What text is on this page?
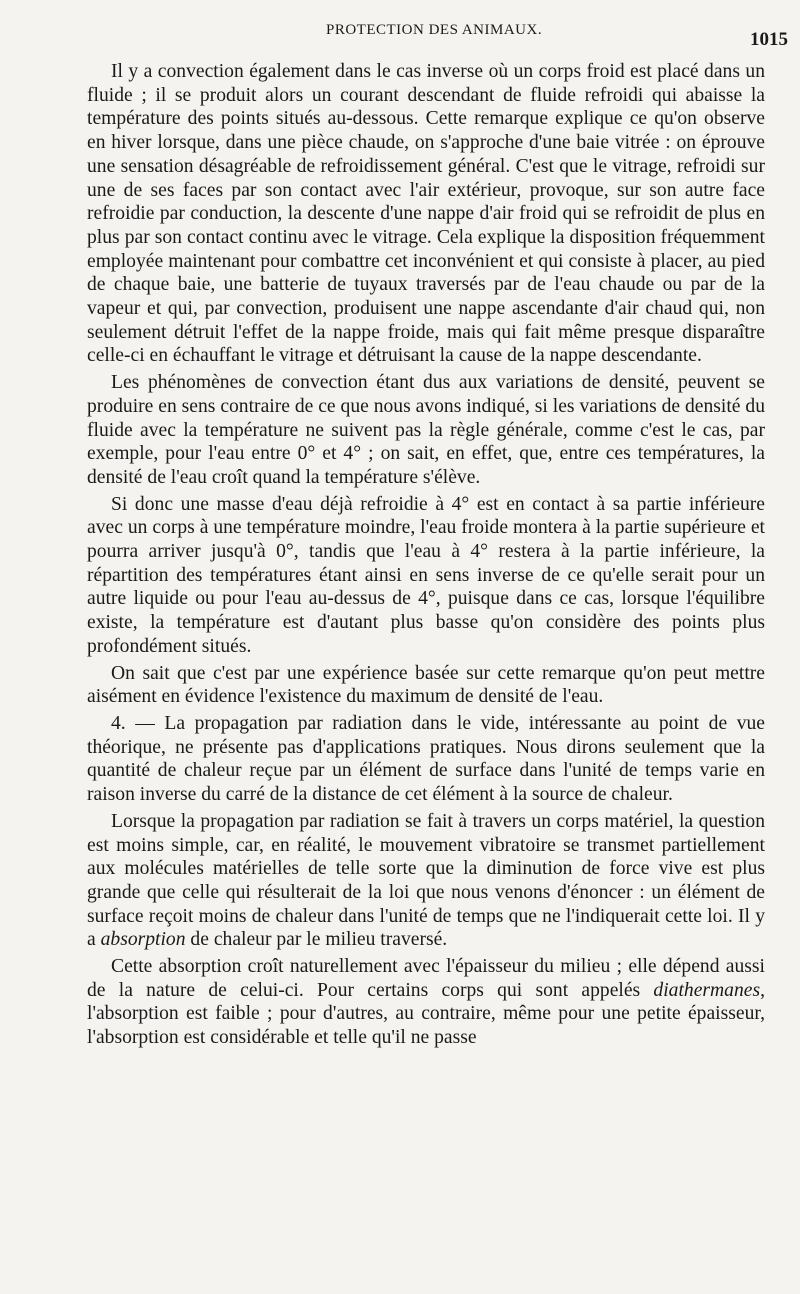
PROTECTION DES ANIMAUX.	1015

Il y a convection également dans le cas inverse où un corps froid est placé dans un fluide ; il se produit alors un courant descendant de fluide refroidi qui abaisse la température des points situés au-dessous. Cette remarque explique ce qu'on observe en hiver lorsque, dans une pièce chaude, on s'approche d'une baie vitrée : on éprouve une sensation désagréable de refroidissement général. C'est que le vitrage, refroidi sur une de ses faces par son contact avec l'air extérieur, provoque, sur son autre face refroidie par conduction, la descente d'une nappe d'air froid qui se refroidit de plus en plus par son contact continu avec le vitrage. Cela explique la disposition fréquemment employée maintenant pour combattre cet inconvénient et qui consiste à placer, au pied de chaque baie, une batterie de tuyaux traversés par de l'eau chaude ou par de la vapeur et qui, par convection, produisent une nappe ascendante d'air chaud qui, non seulement détruit l'effet de la nappe froide, mais qui fait même presque disparaître celle-ci en échauffant le vitrage et détruisant la cause de la nappe descendante.

Les phénomènes de convection étant dus aux variations de densité, peuvent se produire en sens contraire de ce que nous avons indiqué, si les variations de densité du fluide avec la température ne suivent pas la règle générale, comme c'est le cas, par exemple, pour l'eau entre 0° et 4° ; on sait, en effet, que, entre ces températures, la densité de l'eau croît quand la température s'élève.

Si donc une masse d'eau déjà refroidie à 4° est en contact à sa partie inférieure avec un corps à une température moindre, l'eau froide montera à la partie supérieure et pourra arriver jusqu'à 0°, tandis que l'eau à 4° restera à la partie inférieure, la répartition des températures étant ainsi en sens inverse de ce qu'elle serait pour un autre liquide ou pour l'eau au-dessus de 4°, puisque dans ce cas, lorsque l'équilibre existe, la température est d'autant plus basse qu'on considère des points plus profondément situés.

On sait que c'est par une expérience basée sur cette remarque qu'on peut mettre aisément en évidence l'existence du maximum de densité de l'eau.

4. — La propagation par radiation dans le vide, intéressante au point de vue théorique, ne présente pas d'applications pratiques. Nous dirons seulement que la quantité de chaleur reçue par un élément de surface dans l'unité de temps varie en raison inverse du carré de la distance de cet élément à la source de chaleur.

Lorsque la propagation par radiation se fait à travers un corps matériel, la question est moins simple, car, en réalité, le mouvement vibratoire se transmet partiellement aux molécules matérielles de telle sorte que la diminution de force vive est plus grande que celle qui résulterait de la loi que nous venons d'énoncer : un élément de surface reçoit moins de chaleur dans l'unité de temps que ne l'indiquerait cette loi. Il y a absorption de chaleur par le milieu traversé.

Cette absorption croît naturellement avec l'épaisseur du milieu ; elle dépend aussi de la nature de celui-ci. Pour certains corps qui sont appelés diathermanes, l'absorption est faible ; pour d'autres, au contraire, même pour une petite épaisseur, l'absorption est considérable et telle qu'il ne passe
